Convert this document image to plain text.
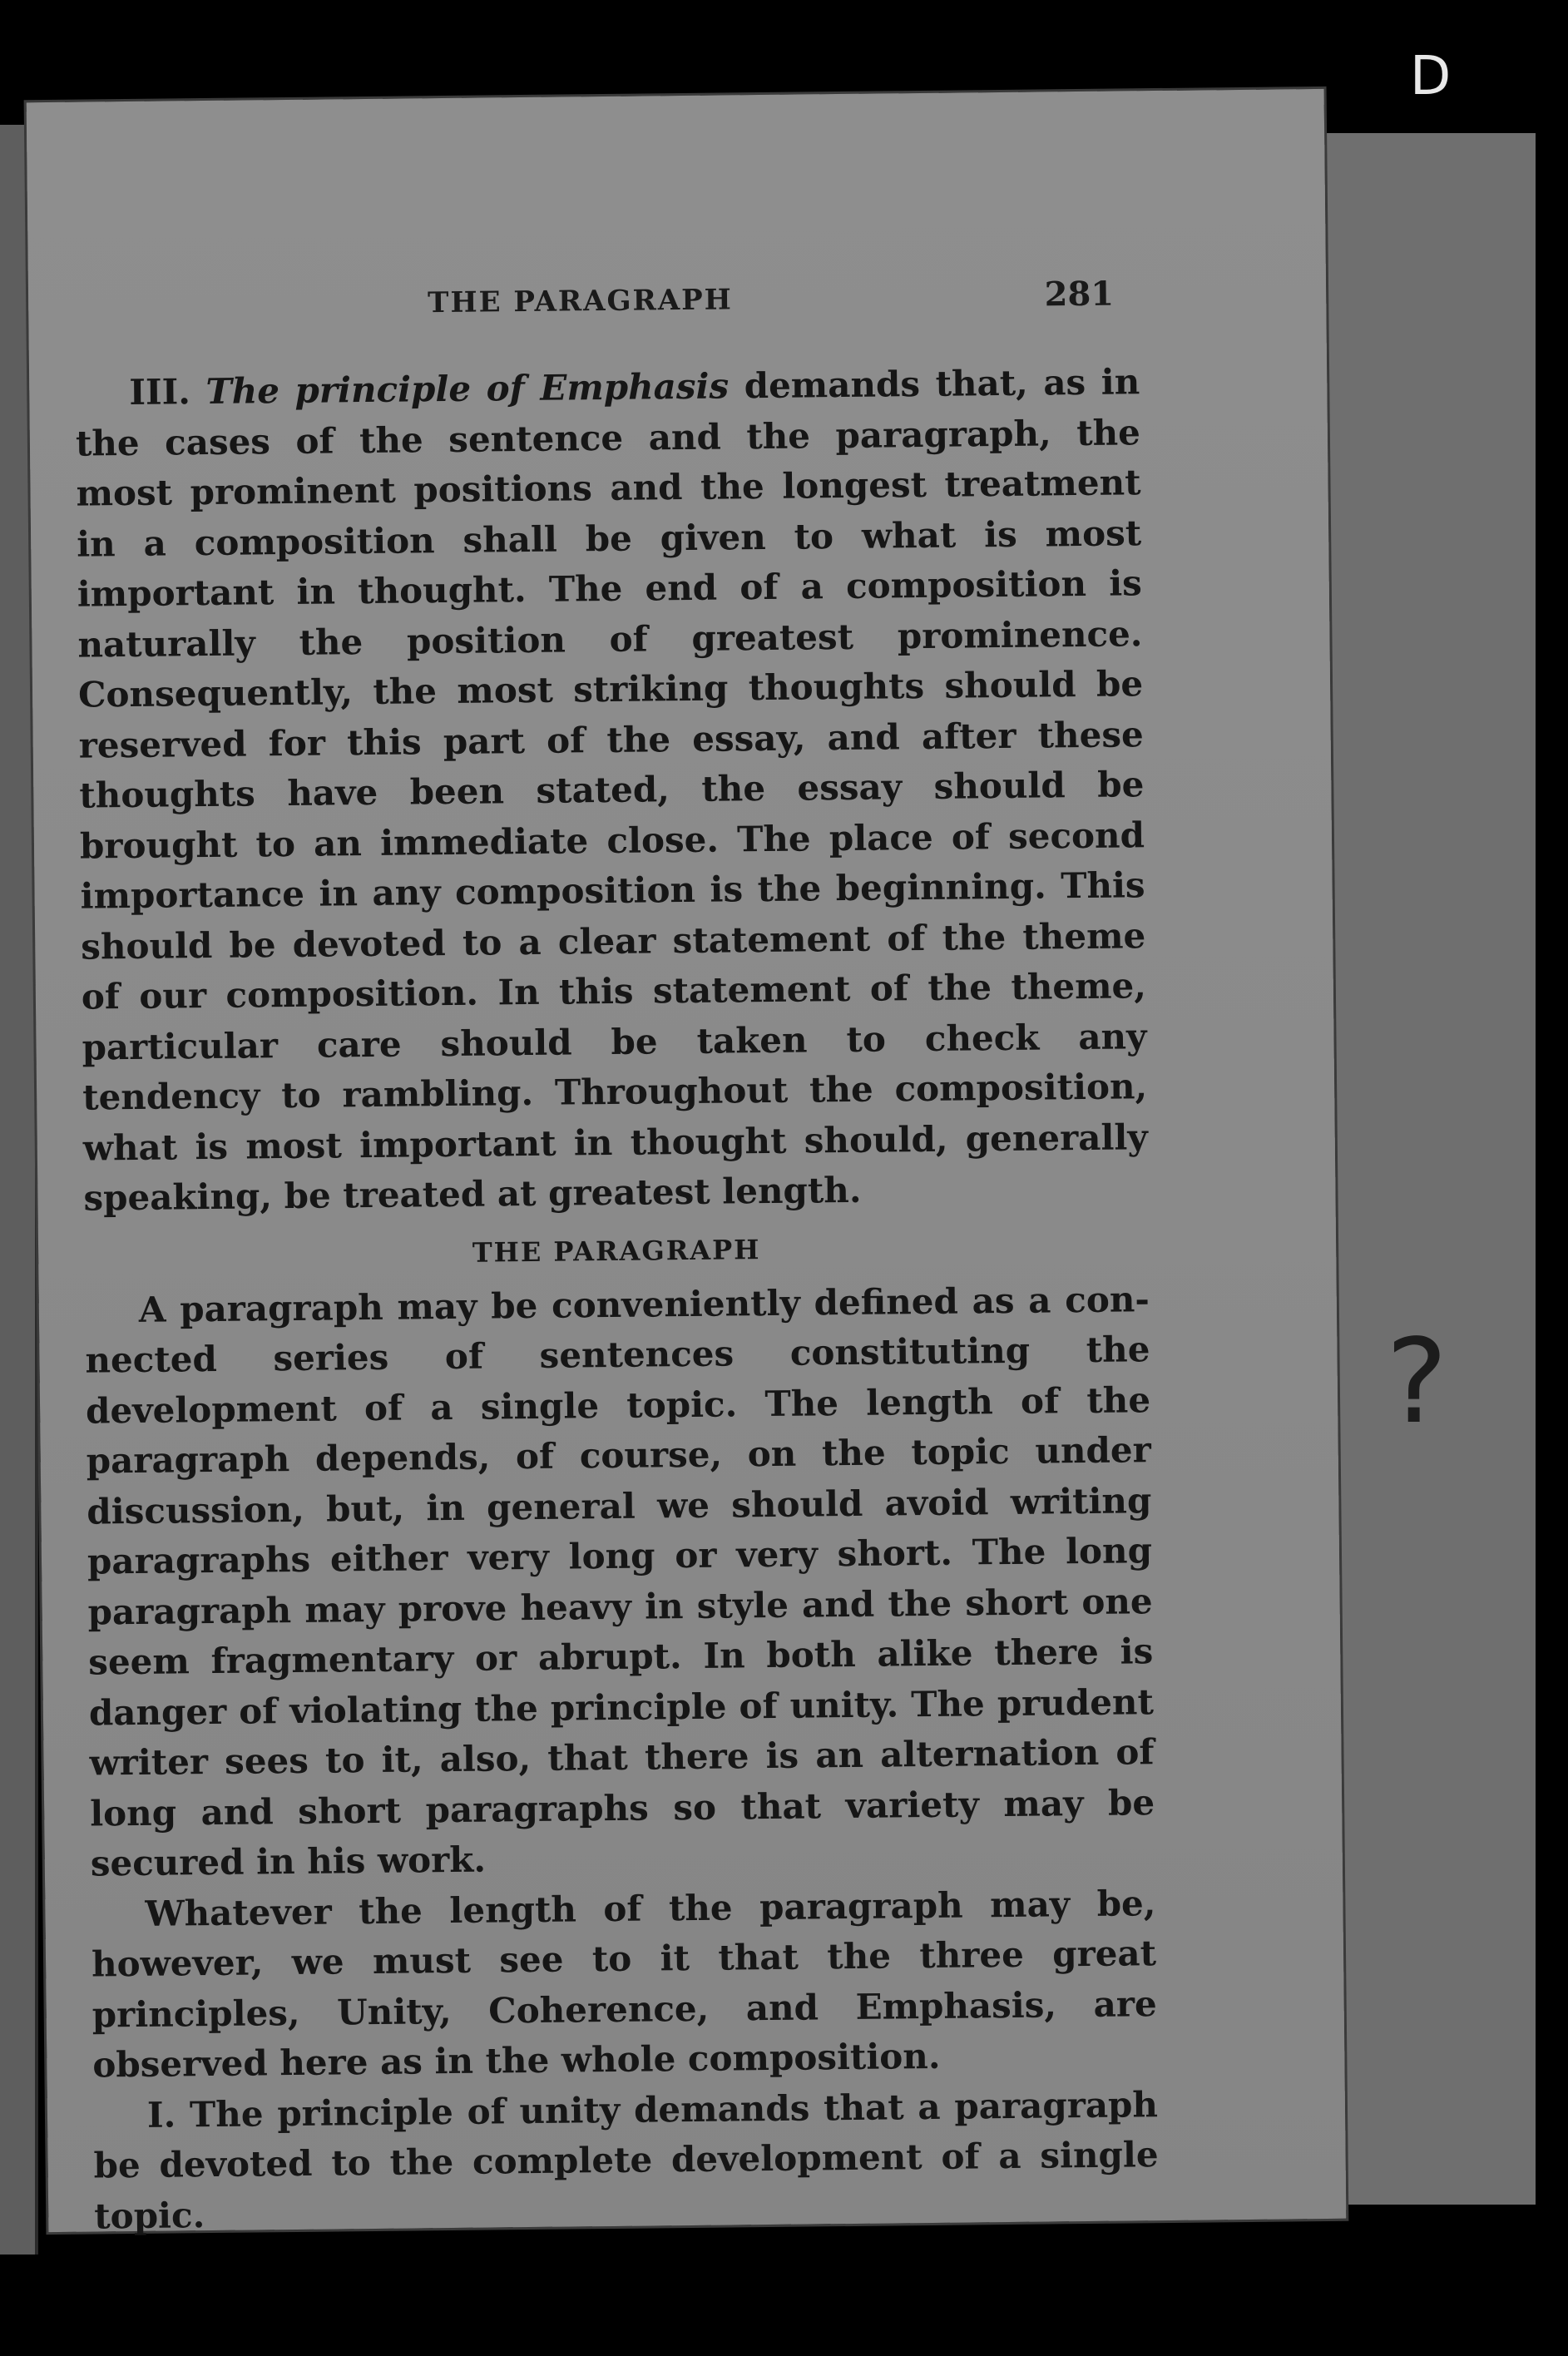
?
D
THE PARAGRAPH	281

III. The principle of Emphasis demands that, as in the cases of the sentence and the paragraph, the most prominent positions and the longest treatment in a composition shall be given to what is most important in thought. The end of a composition is naturally the position of greatest prominence. Consequently, the most striking thoughts should be reserved for this part of the essay, and after these thoughts have been stated, the essay should be brought to an immediate close. The place of second importance in any composition is the beginning. This should be devoted to a clear statement of the theme of our composition. In this statement of the theme, particular care should be taken to check any tendency to rambling. Throughout the composition, what is most important in thought should, generally speaking, be treated at greatest length.

THE PARAGRAPH

A paragraph may be conveniently defined as a connected series of sentences constituting the development of a single topic. The length of the paragraph depends, of course, on the topic under discussion, but, in general we should avoid writing paragraphs either very long or very short. The long paragraph may prove heavy in style and the short one seem fragmentary or abrupt. In both alike there is danger of violating the principle of unity. The prudent writer sees to it, also, that there is an alternation of long and short paragraphs so that variety may be secured in his work.

Whatever the length of the paragraph may be, however, we must see to it that the three great principles, Unity, Coherence, and Emphasis, are observed here as in the whole composition.

I. The principle of unity demands that a paragraph be devoted to the complete development of a single topic.
